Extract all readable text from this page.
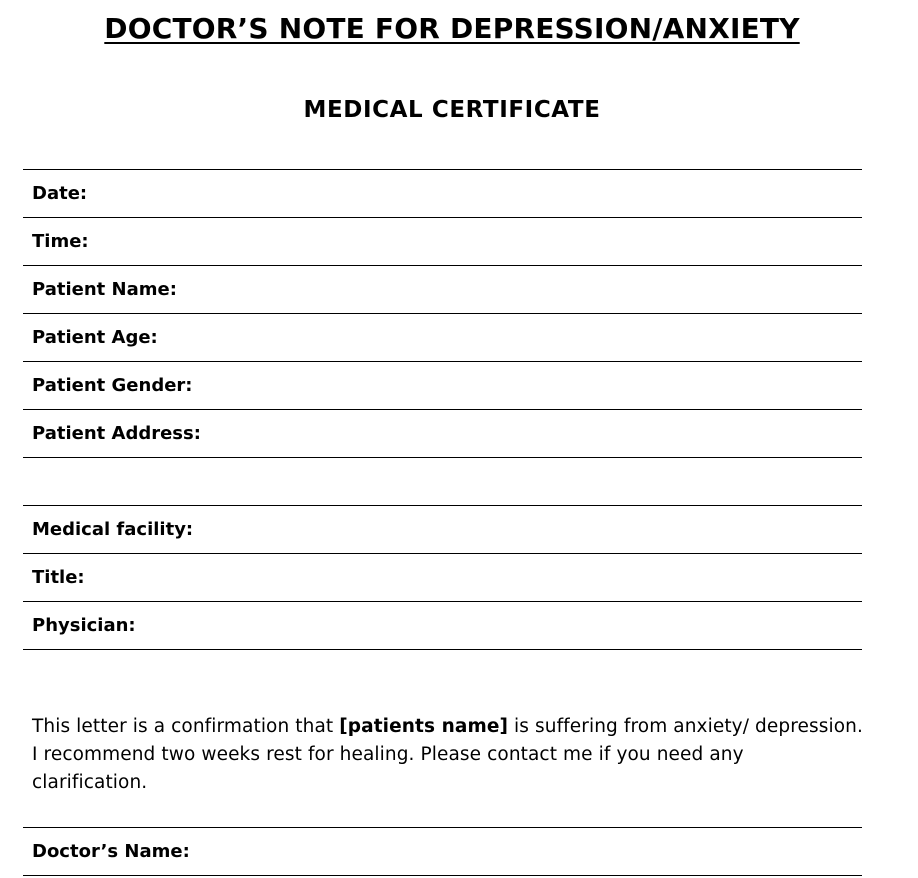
DOCTOR’S NOTE FOR DEPRESSION/ANXIETY
MEDICAL CERTIFICATE
Date:
Time:
Patient Name:
Patient Age:
Patient Gender:
Patient Address:
Medical facility:
Title:
Physician:

This letter is a confirmation that [patients name] is suffering from anxiety/ depression. I recommend two weeks rest for healing. Please contact me if you need any clarification.

Doctor’s Name:
